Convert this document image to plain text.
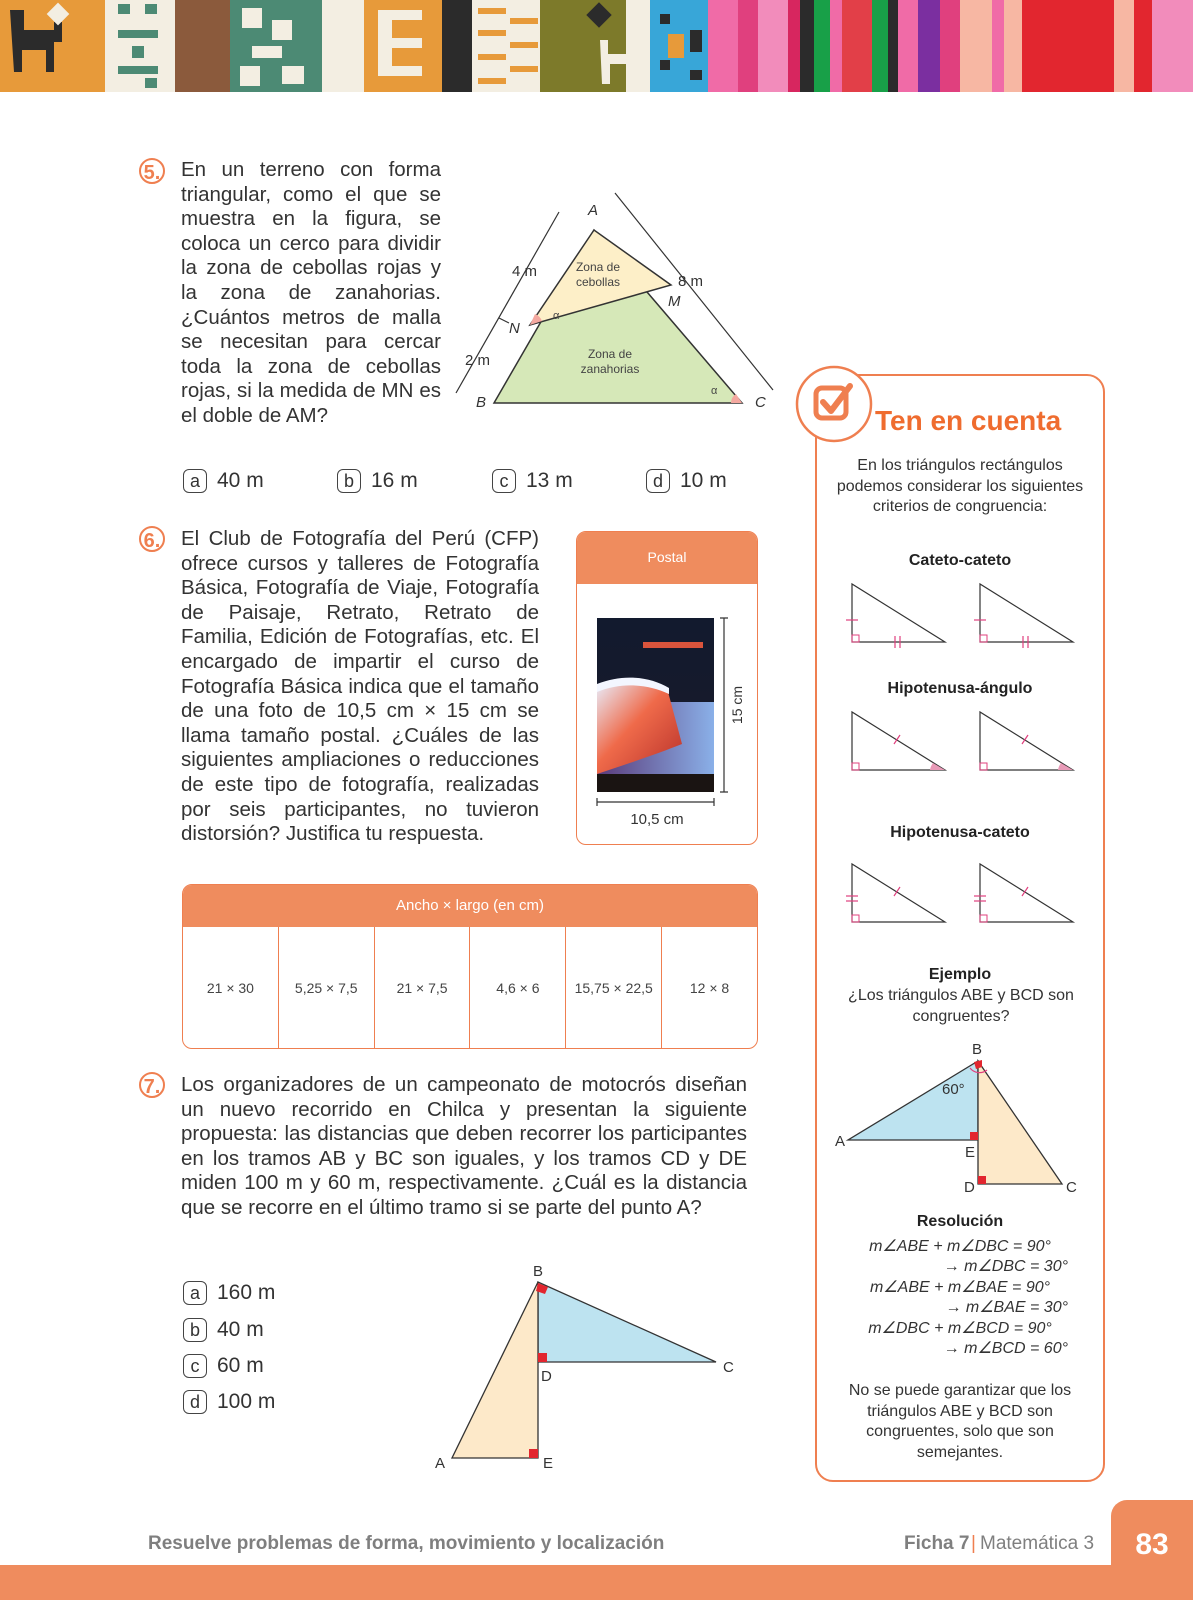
5. En un terreno con forma triangular, como el que se muestra en la figura, se coloca un cerco para dividir la zona de cebollas rojas y la zona de zanahorias. ¿Cuántos metros de malla se necesitan para cercar toda la zona de cebollas rojas, si la medida de MN es el doble de AM?
A
B	C
M
N
4 m
2 m
8 m
Zona de
cebollas
Zona de
zanahorias
α
α
a 40 m	b 16 m	c 13 m	d 10 m
6. El Club de Fotografía del Perú (CFP) ofrece cursos y talleres de Fotografía Básica, Fotografía de Viaje, Fotografía de Paisaje, Retrato, Retrato de Familia, Edición de Fotografías, etc. El encargado de impartir el curso de Fotografía Básica indica que el tamaño de una foto de 10,5 cm × 15 cm se llama tamaño postal. ¿Cuáles de las siguientes ampliaciones o reducciones de este tipo de fotografía, realizadas por seis participantes, no tuvieron distorsión? Justifica tu respuesta.
Postal
15 cm
10,5 cm
Ancho × largo (en cm)
21 × 30	5,25 × 7,5	21 × 7,5	4,6 × 6	15,75 × 22,5	12 × 8
7. Los organizadores de un campeonato de motocrós diseñan un nuevo recorrido en Chilca y presentan la siguiente propuesta: las distancias que deben recorrer los participantes en los tramos AB y BC son iguales, y los tramos CD y DE miden 100 m y 60 m, respectivamente. ¿Cuál es la distancia que se recorre en el último tramo si se parte del punto A?
a 160 m
b 40 m
c 60 m
d 100 m
B
C
D
E
A
Ten en cuenta
En los triángulos rectángulos podemos considerar los siguientes criterios de congruencia:
Cateto-cateto
Hipotenusa-ángulo
Hipotenusa-cateto
Ejemplo
¿Los triángulos ABE y BCD son congruentes?
B
60°
A
E
D	C
Resolución
m∠ABE + m∠DBC = 90°
→ m∠DBC = 30°
m∠ABE + m∠BAE = 90°
→ m∠BAE = 30°
m∠DBC + m∠BCD = 90°
→ m∠BCD = 60°
No se puede garantizar que los triángulos ABE y BCD son congruentes, solo que son semejantes.
Resuelve problemas de forma, movimiento y localización	Ficha 7 | Matemática 3	83
